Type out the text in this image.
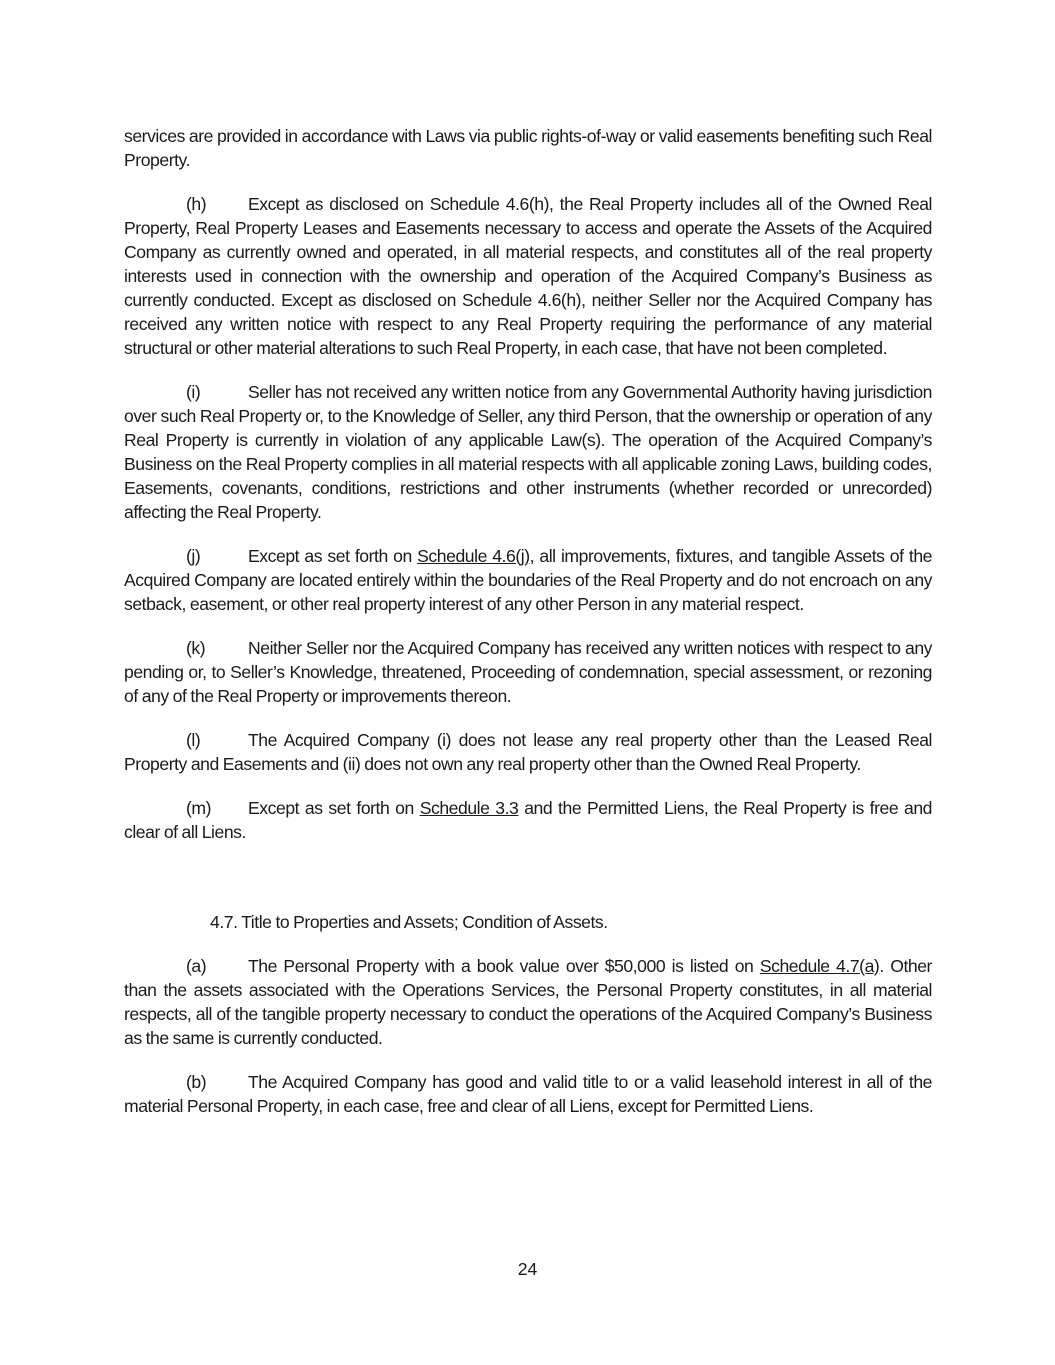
services are provided in accordance with Laws via public rights-of-way or valid easements benefiting such Real Property.

(h) Except as disclosed on Schedule 4.6(h), the Real Property includes all of the Owned Real Property, Real Property Leases and Easements necessary to access and operate the Assets of the Acquired Company as currently owned and operated, in all material respects, and constitutes all of the real property interests used in connection with the ownership and operation of the Acquired Company’s Business as currently conducted. Except as disclosed on Schedule 4.6(h), neither Seller nor the Acquired Company has received any written notice with respect to any Real Property requiring the performance of any material structural or other material alterations to such Real Property, in each case, that have not been completed.

(i)	Seller has not received any written notice from any Governmental Authority having jurisdiction over such Real Property or, to the Knowledge of Seller, any third Person, that the ownership or operation of any Real Property is currently in violation of any applicable Law(s). The operation of the Acquired Company’s Business on the Real Property complies in all material respects with all applicable zoning Laws, building codes, Easements, covenants, conditions, restrictions and other instruments (whether recorded or unrecorded) affecting the Real Property.

(j)	Except as set forth on Schedule 4.6(j), all improvements, fixtures, and tangible Assets of the Acquired Company are located entirely within the boundaries of the Real Property and do not encroach on any setback, easement, or other real property interest of any other Person in any material respect.

(k) Neither Seller nor the Acquired Company has received any written notices with respect to any pending or, to Seller’s Knowledge, threatened, Proceeding of condemnation, special assessment, or rezoning of any of the Real Property or improvements thereon.

(l)	The Acquired Company (i) does not lease any real property other than the Leased Real Property and Easements and (ii) does not own any real property other than the Owned Real Property.

(m) Except as set forth on Schedule 3.3 and the Permitted Liens, the Real Property is free and clear of all Liens.

4.7. Title to Properties and Assets; Condition of Assets.

(a) The Personal Property with a book value over $50,000 is listed on Schedule 4.7(a). Other than the assets associated with the Operations Services, the Personal Property constitutes, in all material respects, all of the tangible property necessary to conduct the operations of the Acquired Company’s Business as the same is currently conducted.

(b) The Acquired Company has good and valid title to or a valid leasehold interest in all of the material Personal Property, in each case, free and clear of all Liens, except for Permitted Liens.

24
